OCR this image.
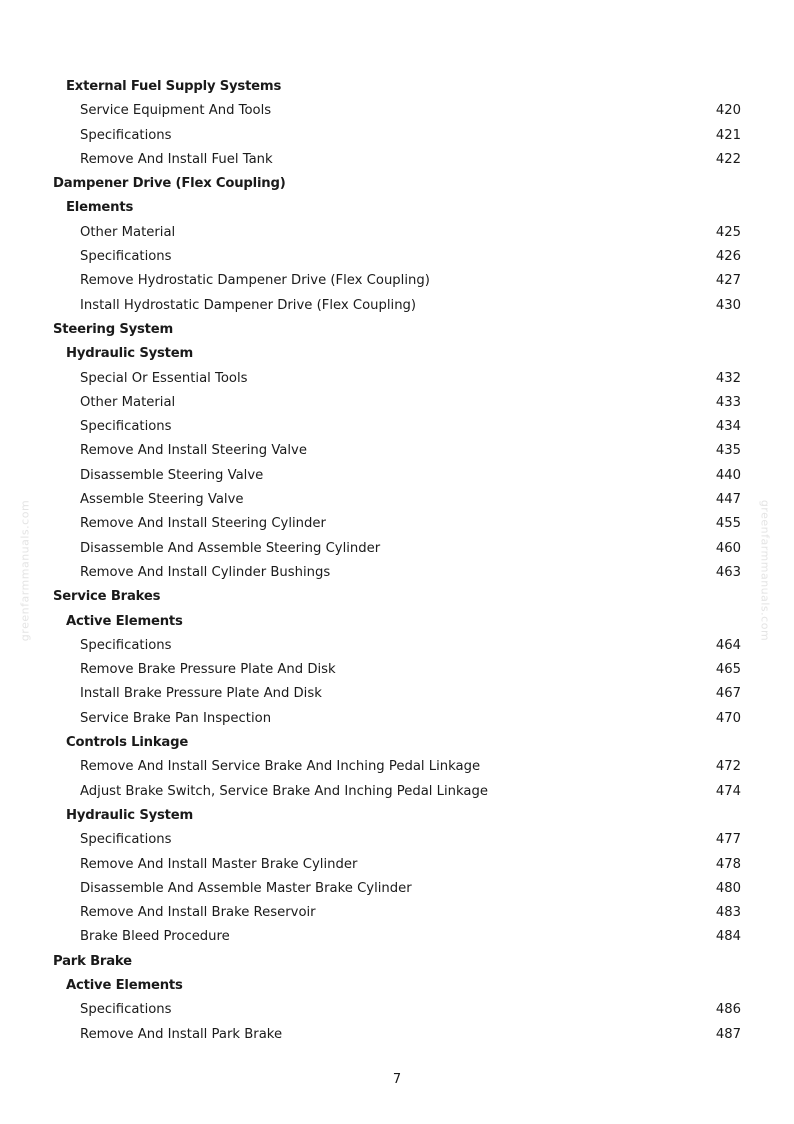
External Fuel Supply Systems
Service Equipment And Tools	420
Specifications	421
Remove And Install Fuel Tank	422
Dampener Drive (Flex Coupling)
Elements
Other Material	425
Specifications	426
Remove Hydrostatic Dampener Drive (Flex Coupling)	427
Install Hydrostatic Dampener Drive (Flex Coupling)	430
Steering System
Hydraulic System
Special Or Essential Tools	432
Other Material	433
Specifications	434
Remove And Install Steering Valve	435
Disassemble Steering Valve	440
Assemble Steering Valve	447
Remove And Install Steering Cylinder	455
Disassemble And Assemble Steering Cylinder	460
Remove And Install Cylinder Bushings	463
Service Brakes
Active Elements
Specifications	464
Remove Brake Pressure Plate And Disk	465
Install Brake Pressure Plate And Disk	467
Service Brake Pan Inspection	470
Controls Linkage
Remove And Install Service Brake And Inching Pedal Linkage	472
Adjust Brake Switch, Service Brake And Inching Pedal Linkage	474
Hydraulic System
Specifications	477
Remove And Install Master Brake Cylinder	478
Disassemble And Assemble Master Brake Cylinder	480
Remove And Install Brake Reservoir	483
Brake Bleed Procedure	484
Park Brake
Active Elements
Specifications	486
Remove And Install Park Brake	487
7
greenfarmmanuals.com	greenfarmmanuals.com
